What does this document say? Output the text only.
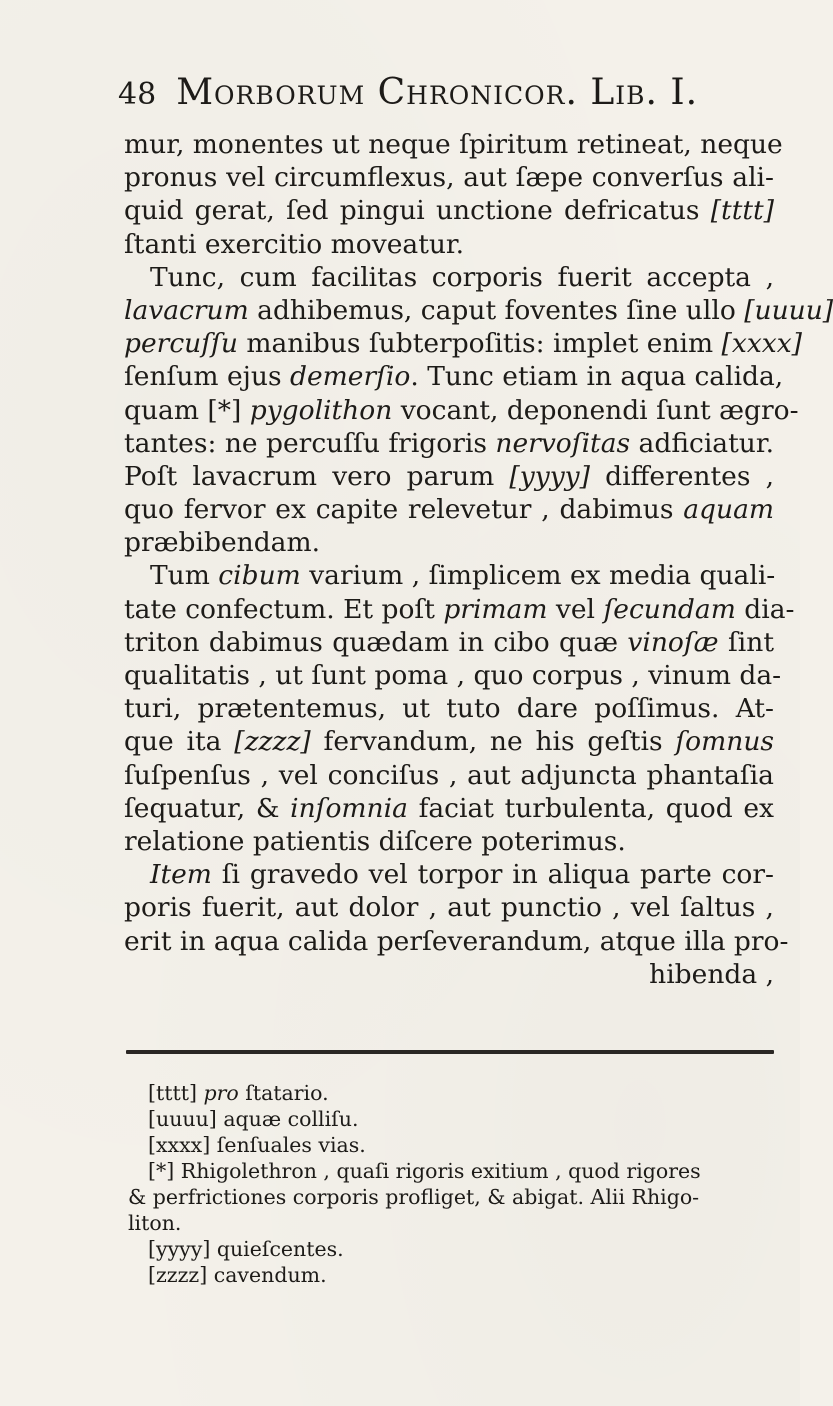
48 Morborum Chronicor. Lib. I.
mur, monentes ut neque ſpiritum retineat, neque
pronus vel circumflexus, aut ſæpe converſus ali-
quid gerat, ſed pingui unctione defricatus [tttt]
ſtanti exercitio moveatur.
Tunc, cum facilitas corporis fuerit accepta ,
lavacrum adhibemus, caput foventes ſine ullo [uuuu]
percuſſu manibus ſubterpoſitis: implet enim [xxxx]
ſenſum ejus demerſio. Tunc etiam in aqua calida,
quam [*] pygolithon vocant, deponendi ſunt ægro-
tantes: ne percuſſu frigoris nervoſitas adficiatur.
Poſt lavacrum vero parum [yyyy] differentes ,
quo fervor ex capite relevetur , dabimus aquam
præbibendam.
Tum cibum varium , ſimplicem ex media quali-
tate confectum. Et poſt primam vel ſecundam dia-
triton dabimus quædam in cibo quæ vinoſæ ſint
qualitatis , ut ſunt poma , quo corpus , vinum da-
turi, prætentemus, ut tuto dare poſſimus. At-
que ita [zzzz] fervandum, ne his geſtis ſomnus
ſuſpenſus , vel conciſus , aut adjuncta phantaſia
ſequatur, & inſomnia faciat turbulenta, quod ex
relatione patientis diſcere poterimus.
Item ſi gravedo vel torpor in aliqua parte cor-
poris fuerit, aut dolor , aut punctio , vel ſaltus ,
erit in aqua calida perſeverandum, atque illa pro-
hibenda ,
[tttt] pro ſtatario.
[uuuu] aquæ colliſu.
[xxxx] ſenſuales vias.
[*] Rhigolethron , quaſi rigoris exitium , quod rigores
& perfrictiones corporis profliget, & abigat. Alii Rhigo-
liton.
[yyyy] quieſcentes.
[zzzz] cavendum.
